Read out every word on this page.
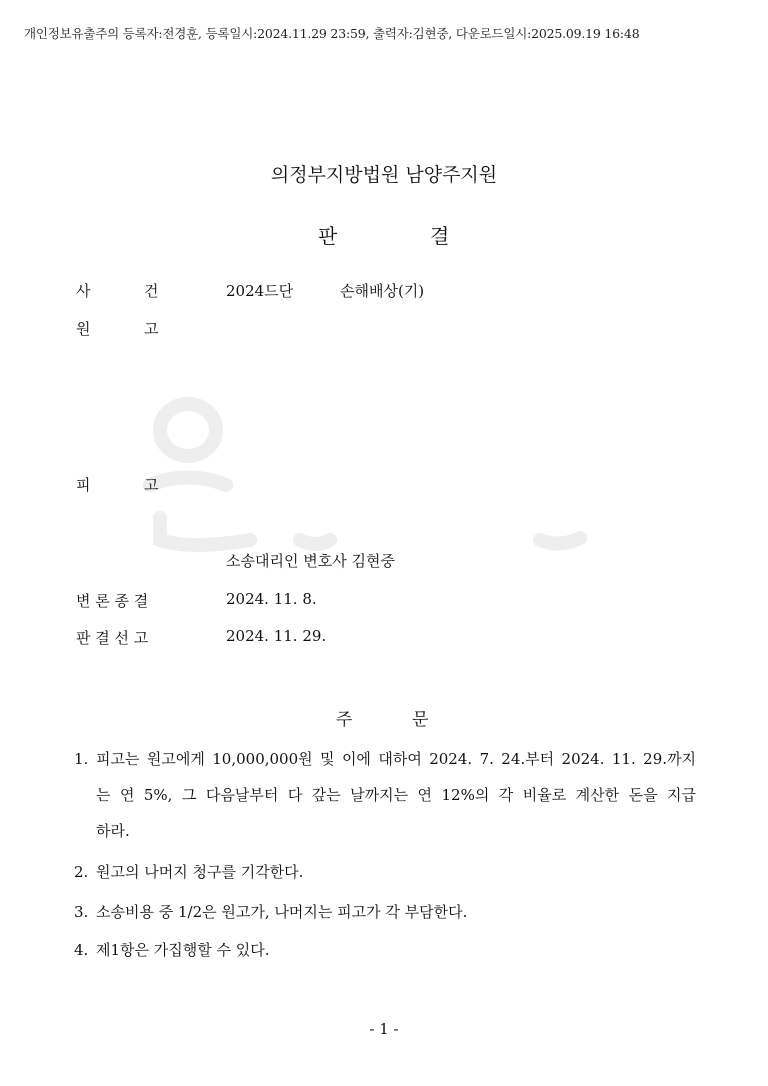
개인정보유출주의 등록자:전경훈, 등록일시:2024.11.29 23:59, 출력자:김현중, 다운로드일시:2025.09.19 16:48
의정부지방법원 남양주지원
판	결
사	건	2024드단	손해배상(기)
원	고
피	고
소송대리인 변호사 김현중
변 론 종 결	2024. 11. 8.
판 결 선 고	2024. 11. 29.
주	문
1. 피고는 원고에게 10,000,000원 및 이에 대하여 2024. 7. 24.부터 2024. 11. 29.까지
는 연 5%, 그 다음날부터 다 갚는 날까지는 연 12%의 각 비율로 계산한 돈을 지급
하라.
2. 원고의 나머지 청구를 기각한다.
3. 소송비용 중 1/2은 원고가, 나머지는 피고가 각 부담한다.
4. 제1항은 가집행할 수 있다.
- 1 -
